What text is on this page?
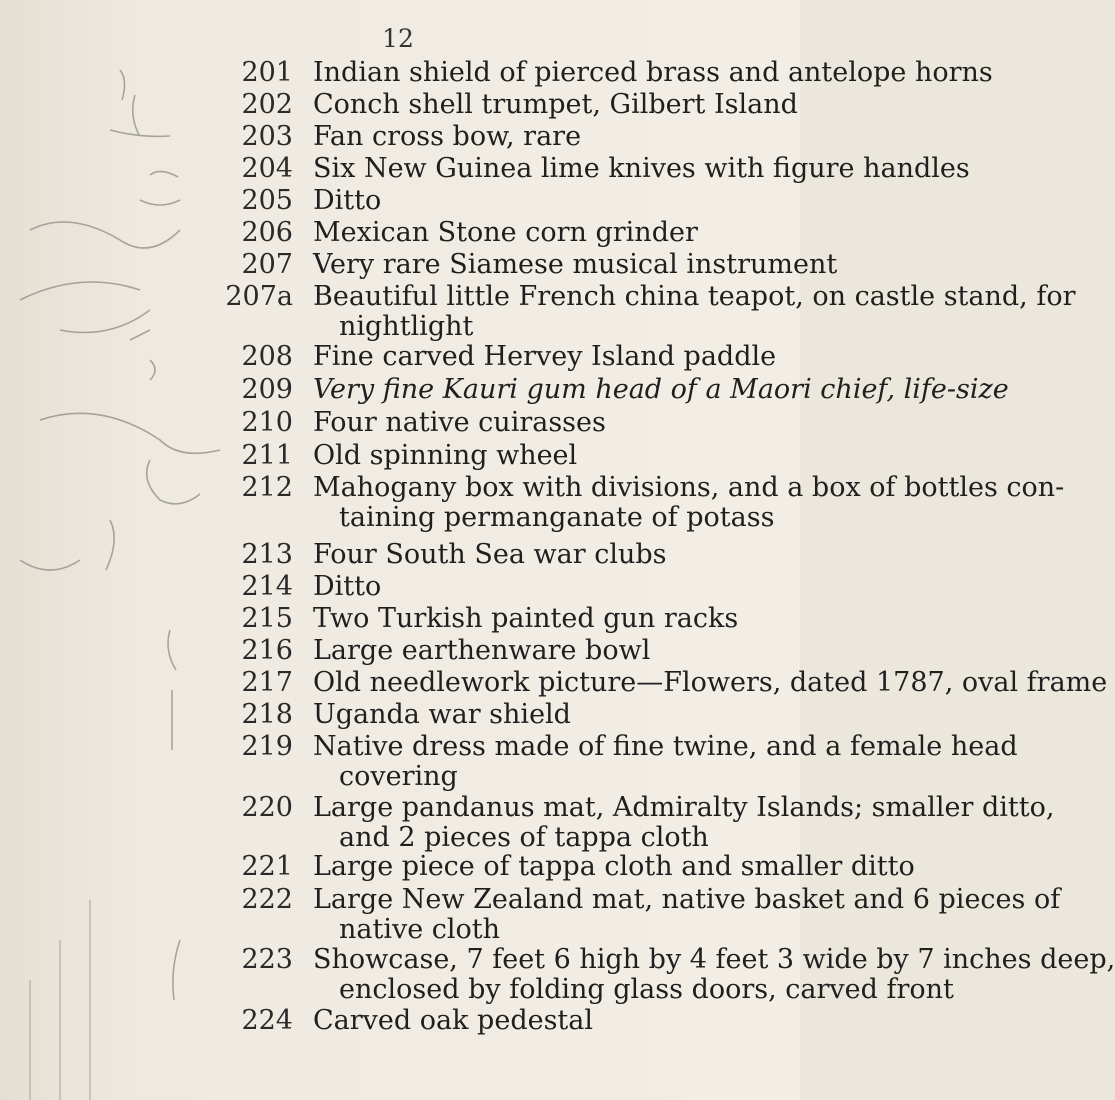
12
201 Indian shield of pierced brass and antelope horns
202 Conch shell trumpet, Gilbert Island
203 Fan cross bow, rare
204 Six New Guinea lime knives with figure handles
205 Ditto
206 Mexican Stone corn grinder
207 Very rare Siamese musical instrument
207a Beautiful little French china teapot, on castle stand, for
nightlight
208 Fine carved Hervey Island paddle
209 Very fine Kauri gum head of a Maori chief, life-size
210 Four native cuirasses
211 Old spinning wheel
212 Mahogany box with divisions, and a box of bottles con-
taining permanganate of potass
213 Four South Sea war clubs
214 Ditto
215 Two Turkish painted gun racks
216 Large earthenware bowl
217 Old needlework picture—Flowers, dated 1787, oval frame
218 Uganda war shield
219 Native dress made of fine twine, and a female head
covering
220 Large pandanus mat, Admiralty Islands; smaller ditto,
and 2 pieces of tappa cloth
221 Large piece of tappa cloth and smaller ditto
222 Large New Zealand mat, native basket and 6 pieces of
native cloth
223 Showcase, 7 feet 6 high by 4 feet 3 wide by 7 inches deep,
enclosed by folding glass doors, carved front
224 Carved oak pedestal
